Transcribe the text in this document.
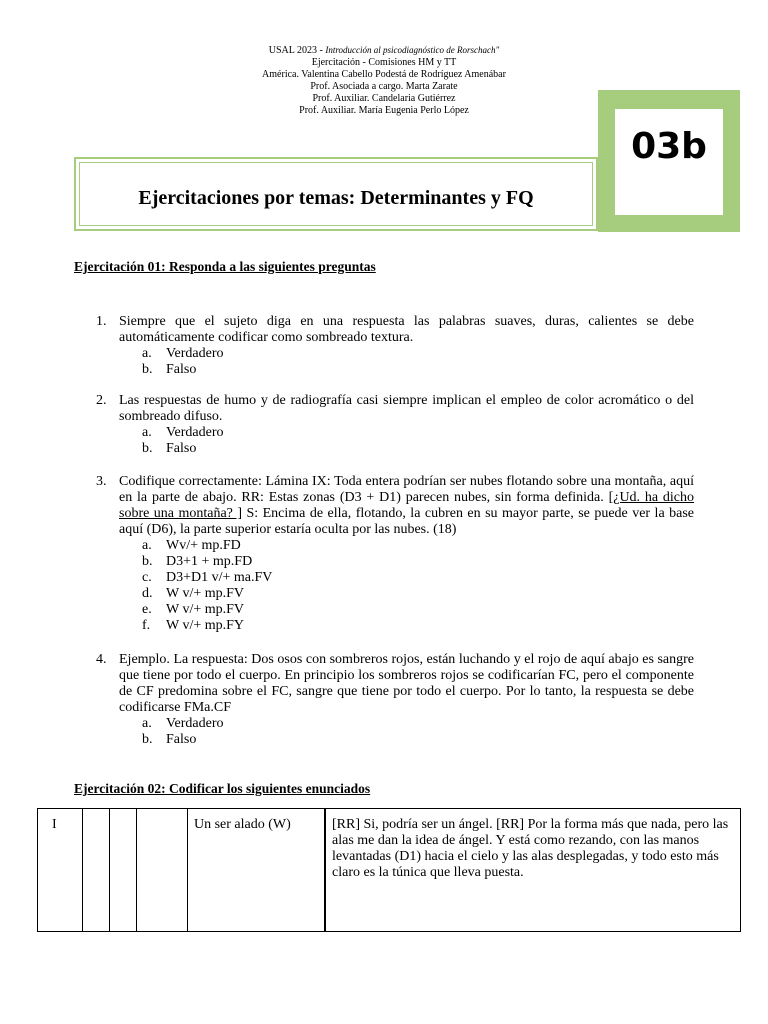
USAL 2023 - Introducción al psicodiagnóstico de Rorschach"
Ejercitación - Comisiones HM y TT
América. Valentina Cabello Podestá de Rodríguez Amenábar
Prof. Asociada a cargo. Marta Zarate
Prof. Auxiliar. Candelaria Gutiérrez
Prof. Auxiliar. María Eugenia Perlo López
Ejercitaciones por temas: Determinantes y FQ
03b
Ejercitación 01: Responda a las siguientes preguntas
1. Siempre que el sujeto diga en una respuesta las palabras suaves, duras, calientes se debe automáticamente codificar como sombreado textura.
a. Verdadero
b. Falso
2. Las respuestas de humo y de radiografía casi siempre implican el empleo de color acromático o del sombreado difuso.
a. Verdadero
b. Falso
3. Codifique correctamente: Lámina IX: Toda entera podrían ser nubes flotando sobre una montaña, aquí en la parte de abajo. RR: Estas zonas (D3 + D1) parecen nubes, sin forma definida. [¿Ud. ha dicho sobre una montaña? ] S: Encima de ella, flotando, la cubren en su mayor parte, se puede ver la base aquí (D6), la parte superior estaría oculta por las nubes. (18)
a. Wv/+ mp.FD
b. D3+1 + mp.FD
c. D3+D1 v/+ ma.FV
d. W v/+ mp.FV
e. W v/+ mp.FV
f. W v/+ mp.FY
4. Ejemplo. La respuesta: Dos osos con sombreros rojos, están luchando y el rojo de aquí abajo es sangre que tiene por todo el cuerpo. En principio los sombreros rojos se codificarían FC, pero el componente de CF predomina sobre el FC, sangre que tiene por todo el cuerpo. Por lo tanto, la respuesta se debe codificarse FMa.CF
a. Verdadero
b. Falso
Ejercitación 02: Codificar los siguientes enunciados
I				Un ser alado (W)	[RR] Si, podría ser un ángel. [RR] Por la forma más que nada, pero las alas me dan la idea de ángel. Y está como rezando, con las manos levantadas (D1) hacia el cielo y las alas desplegadas, y todo esto más claro es la túnica que lleva puesta.
